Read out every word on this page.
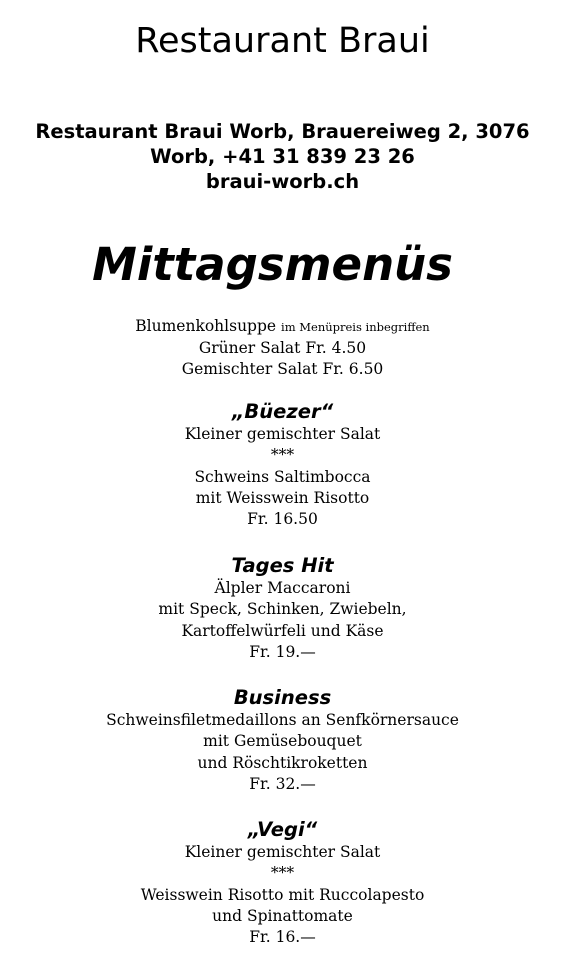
Restaurant Braui
Restaurant Braui Worb, Brauereiweg 2, 3076
Worb, +41 31 839 23 26
braui-worb.ch
Mittagsmenüs
Blumenkohlsuppe im Menüpreis inbegriffen
Grüner Salat Fr. 4.50
Gemischter Salat Fr. 6.50
„Büezer“
Kleiner gemischter Salat
***
Schweins Saltimbocca
mit Weisswein Risotto
Fr. 16.50
Tages Hit
Älpler Maccaroni
mit Speck, Schinken, Zwiebeln,
Kartoffelwürfeli und Käse
Fr. 19.—
Business
Schweinsfiletmedaillons an Senfkörnersauce
mit Gemüsebouquet
und Röschtikroketten
Fr. 32.—
„Vegi“
Kleiner gemischter Salat
***
Weisswein Risotto mit Ruccolapesto
und Spinattomate
Fr. 16.—
